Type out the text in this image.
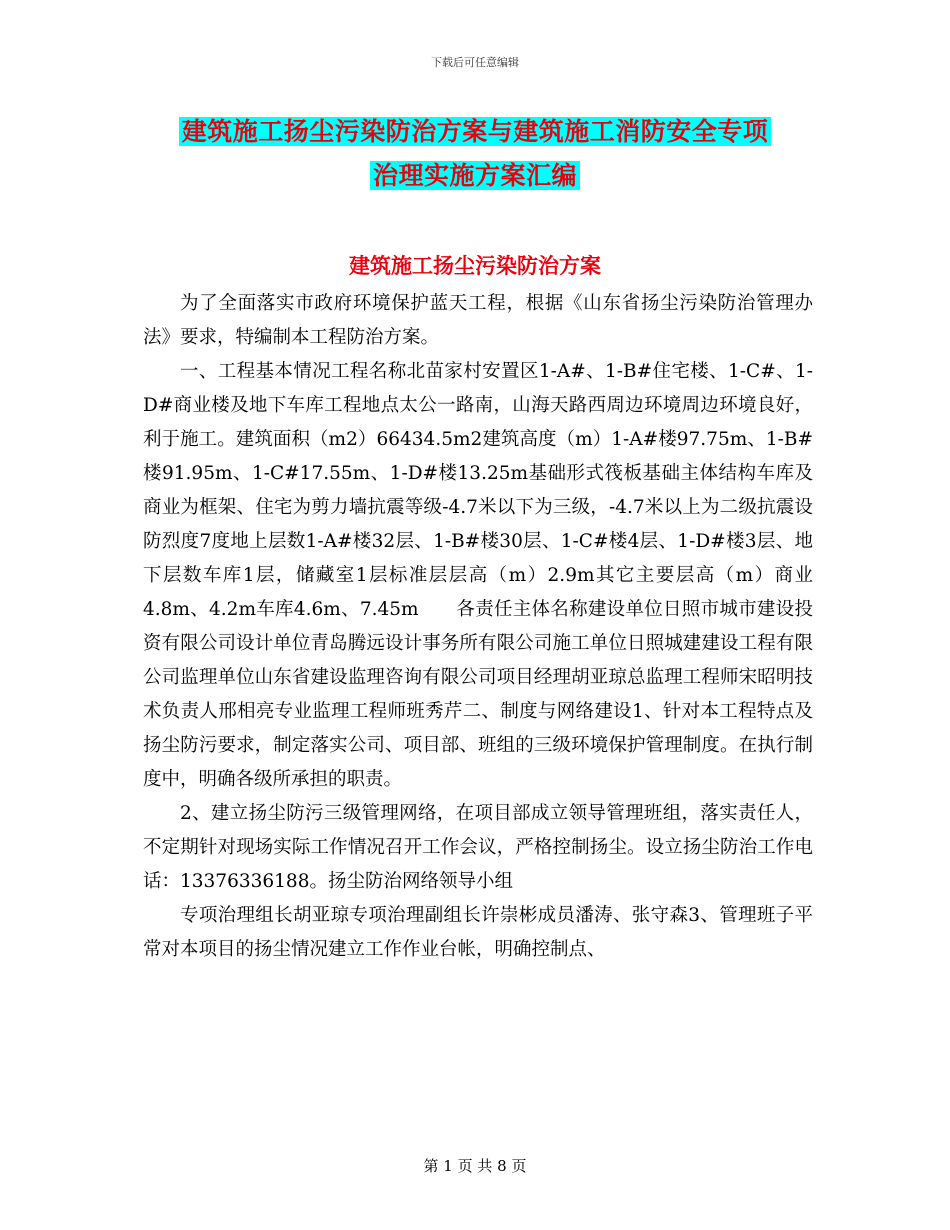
下载后可任意编辑
建筑施工扬尘污染防治方案与建筑施工消防安全专项
治理实施方案汇编
建筑施工扬尘污染防治方案

为了全面落实市政府环境保护蓝天工程，根据《山东省扬尘污染防治管理办法》要求，特编制本工程防治方案。

一、工程基本情况工程名称北苗家村安置区1-A#、1-B#住宅楼、1-C#、1-D#商业楼及地下车库工程地点太公一路南，山海天路西周边环境周边环境良好，利于施工。建筑面积（m2）66434.5m2建筑高度（m）1-A#楼97.75m、1-B#楼91.95m、1-C#17.55m、1-D#楼13.25m基础形式筏板基础主体结构车库及商业为框架、住宅为剪力墙抗震等级-4.7米以下为三级，-4.7米以上为二级抗震设防烈度7度地上层数1-A#楼32层、1-B#楼30层、1-C#楼4层、1-D#楼3层、地下层数车库1层，储藏室1层标准层层高（m）2.9m其它主要层高（m）商业4.8m、4.2m车库4.6m、7.45m　　各责任主体名称建设单位日照市城市建设投资有限公司设计单位青岛腾远设计事务所有限公司施工单位日照城建建设工程有限公司监理单位山东省建设监理咨询有限公司项目经理胡亚琼总监理工程师宋昭明技术负责人邢相亮专业监理工程师班秀芹二、制度与网络建设1、针对本工程特点及扬尘防污要求，制定落实公司、项目部、班组的三级环境保护管理制度。在执行制度中，明确各级所承担的职责。

2、建立扬尘防污三级管理网络，在项目部成立领导管理班组，落实责任人，不定期针对现场实际工作情况召开工作会议，严格控制扬尘。设立扬尘防治工作电话：13376336188。扬尘防治网络领导小组

专项治理组长胡亚琼专项治理副组长许崇彬成员潘涛、张守森3、管理班子平常对本项目的扬尘情况建立工作作业台帐，明确控制点、

第 1 页 共 8 页
